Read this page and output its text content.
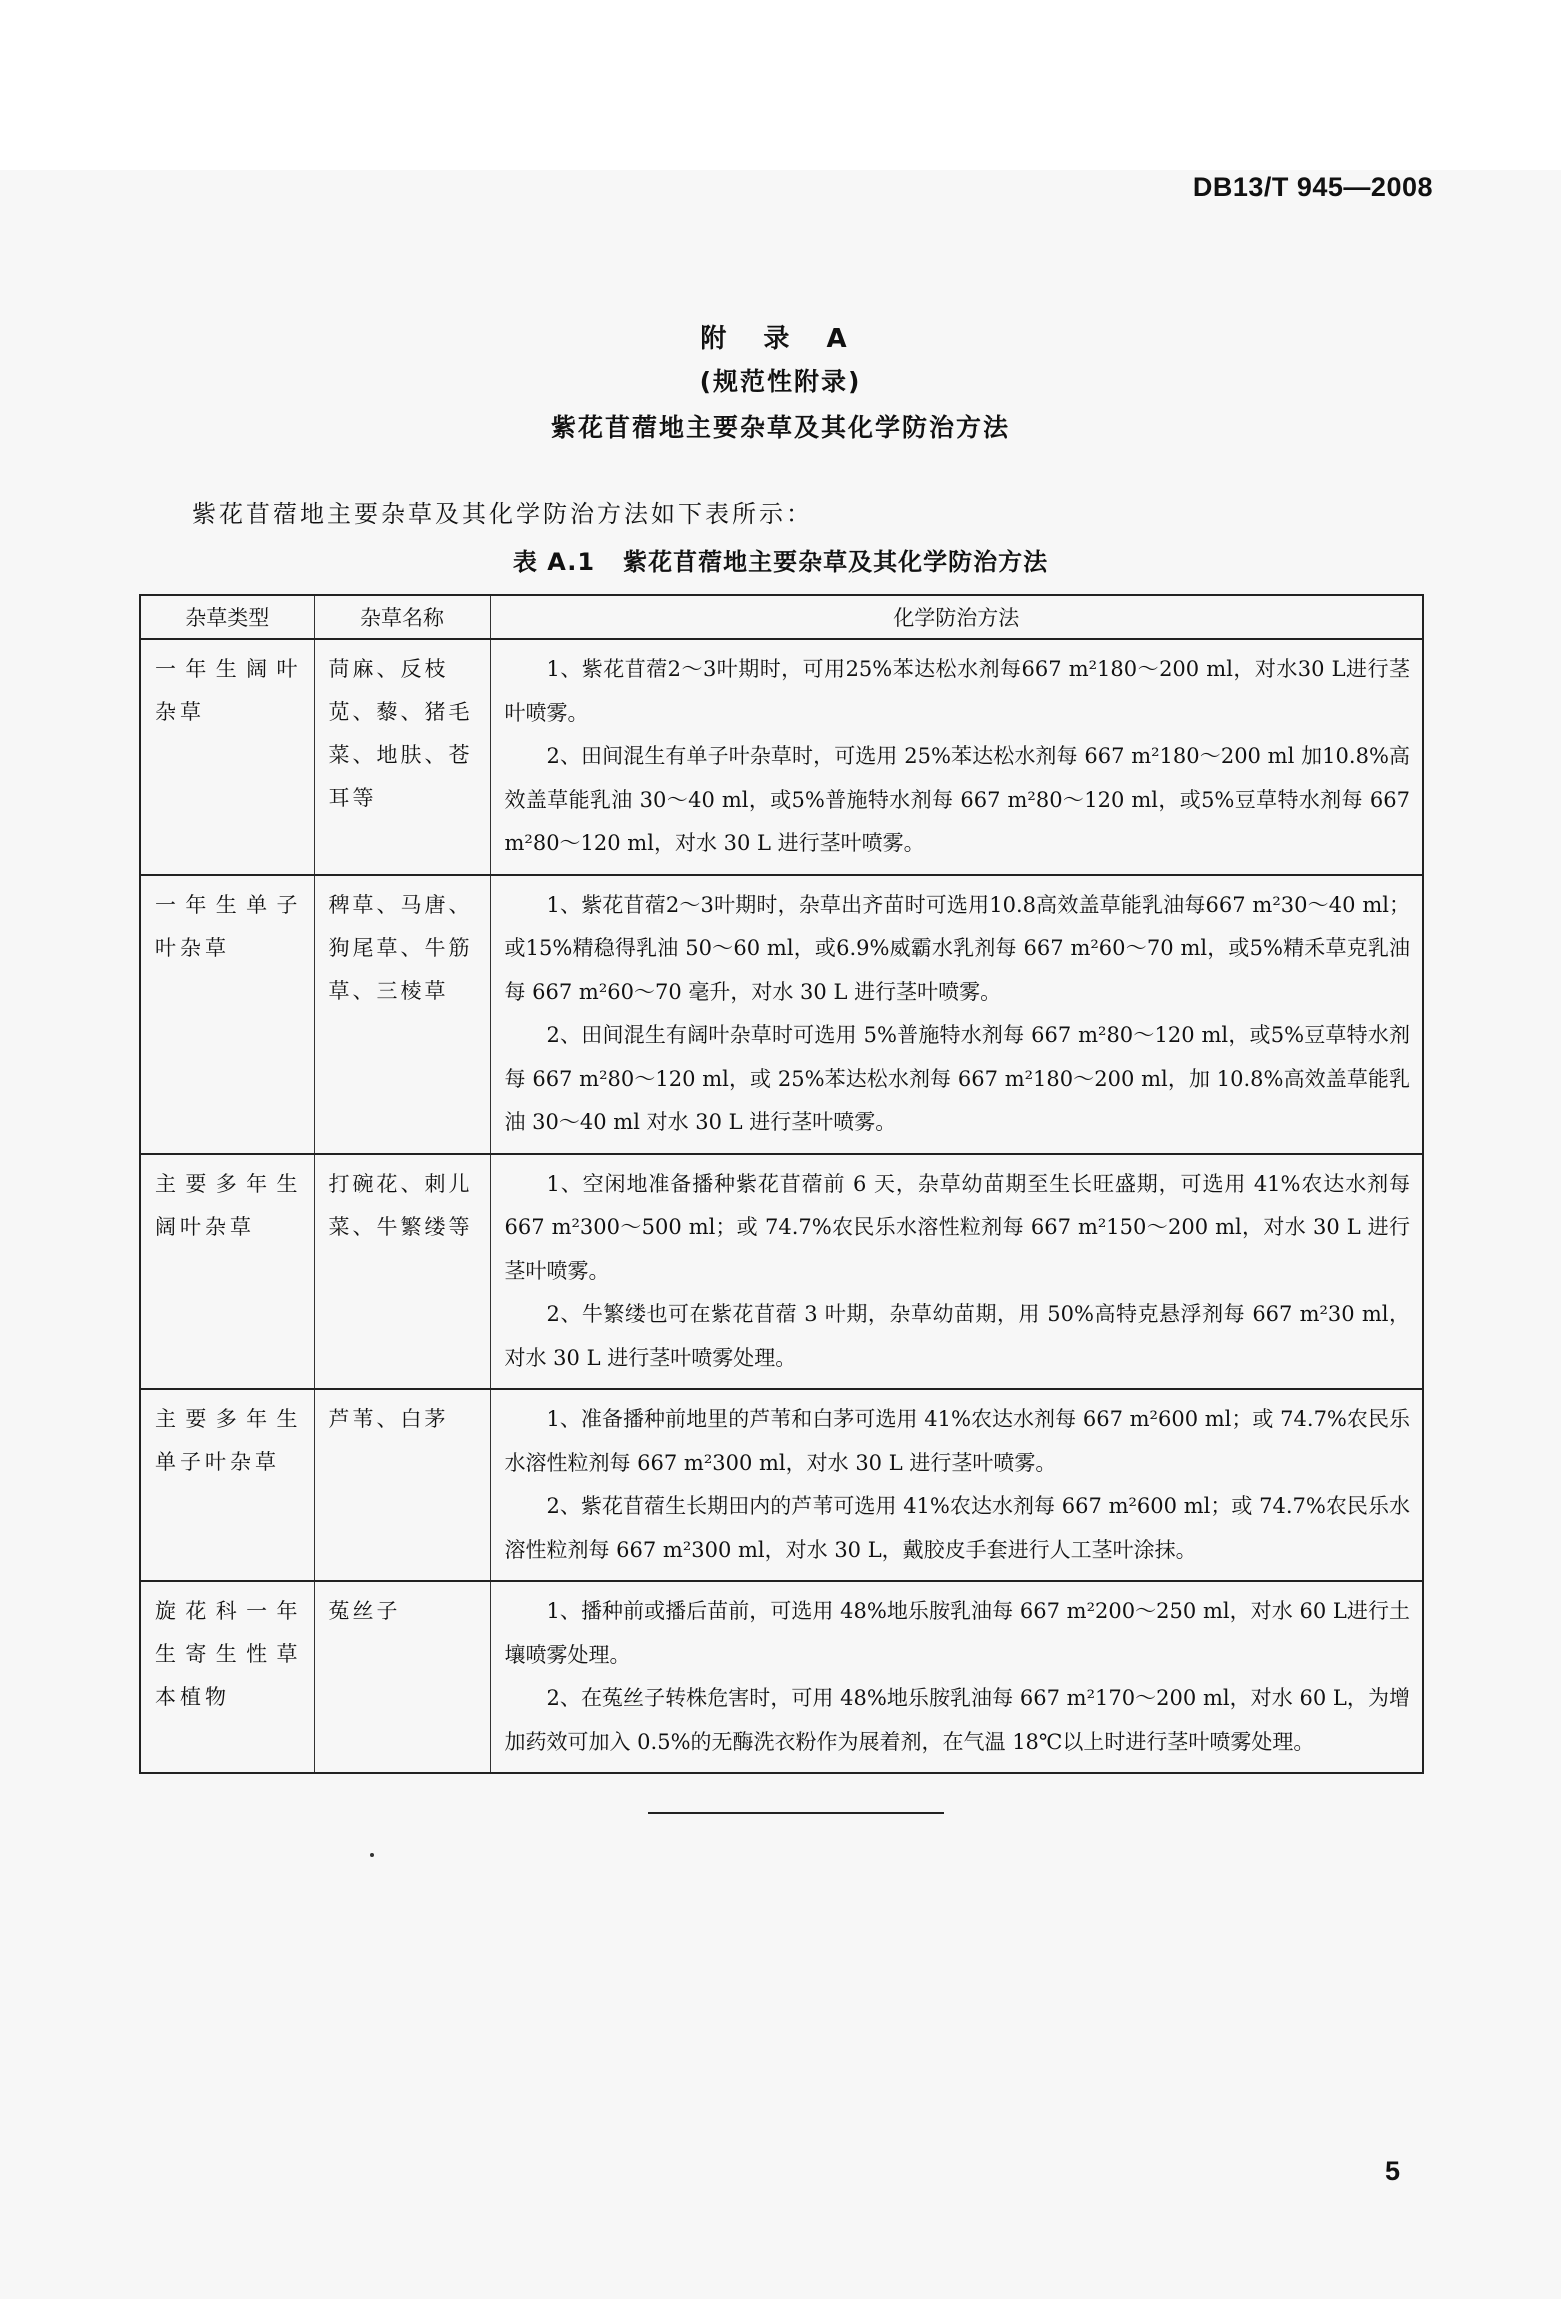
DB13/T 945—2008
附 录 A
(规范性附录)
紫花苜蓿地主要杂草及其化学防治方法
紫花苜蓿地主要杂草及其化学防治方法如下表所示：
表 A.1 紫花苜蓿地主要杂草及其化学防治方法
杂草类型	杂草名称	化学防治方法
一年生阔叶杂草	苘麻、反枝苋、藜、猪毛菜、地肤、苍耳等	1、紫花苜蓿2～3叶期时，可用25%苯达松水剂每667 m²180～200 ml，对水30 L进行茎叶喷雾。

2、田间混生有单子叶杂草时，可选用 25%苯达松水剂每 667 m²180～200 ml 加10.8%高效盖草能乳油 30～40 ml，或5%普施特水剂每 667 m²80～120 ml，或5%豆草特水剂每 667 m²80～120 ml，对水 30 L 进行茎叶喷雾。

一年生单子叶杂草	稗草、马唐、狗尾草、牛筋草、三棱草	1、紫花苜蓿2～3叶期时，杂草出齐苗时可选用10.8高效盖草能乳油每667 m²30～40 ml；或15%精稳得乳油 50～60 ml，或6.9%威霸水乳剂每 667 m²60～70 ml，或5%精禾草克乳油每 667 m²60～70 毫升，对水 30 L 进行茎叶喷雾。

2、田间混生有阔叶杂草时可选用 5%普施特水剂每 667 m²80～120 ml，或5%豆草特水剂每 667 m²80～120 ml，或 25%苯达松水剂每 667 m²180～200 ml，加 10.8%高效盖草能乳油 30～40 ml 对水 30 L 进行茎叶喷雾。

主要多年生阔叶杂草	打碗花、刺儿菜、牛繁缕等	1、空闲地准备播种紫花苜蓿前 6 天，杂草幼苗期至生长旺盛期，可选用 41%农达水剂每 667 m²300～500 ml；或 74.7%农民乐水溶性粒剂每 667 m²150～200 ml，对水 30 L 进行茎叶喷雾。

2、牛繁缕也可在紫花苜蓿 3 叶期，杂草幼苗期，用 50%高特克悬浮剂每 667 m²30 ml，对水 30 L 进行茎叶喷雾处理。

主要多年生单子叶杂草	芦苇、白茅	1、准备播种前地里的芦苇和白茅可选用 41%农达水剂每 667 m²600 ml；或 74.7%农民乐水溶性粒剂每 667 m²300 ml，对水 30 L 进行茎叶喷雾。

2、紫花苜蓿生长期田内的芦苇可选用 41%农达水剂每 667 m²600 ml；或 74.7%农民乐水溶性粒剂每 667 m²300 ml，对水 30 L，戴胶皮手套进行人工茎叶涂抹。

旋花科一年生寄生性草本植物	菟丝子	1、播种前或播后苗前，可选用 48%地乐胺乳油每 667 m²200～250 ml，对水 60 L进行土壤喷雾处理。

2、在菟丝子转株危害时，可用 48%地乐胺乳油每 667 m²170～200 ml，对水 60 L，为增加药效可加入 0.5%的无酶洗衣粉作为展着剂，在气温 18℃以上时进行茎叶喷雾处理。

5
